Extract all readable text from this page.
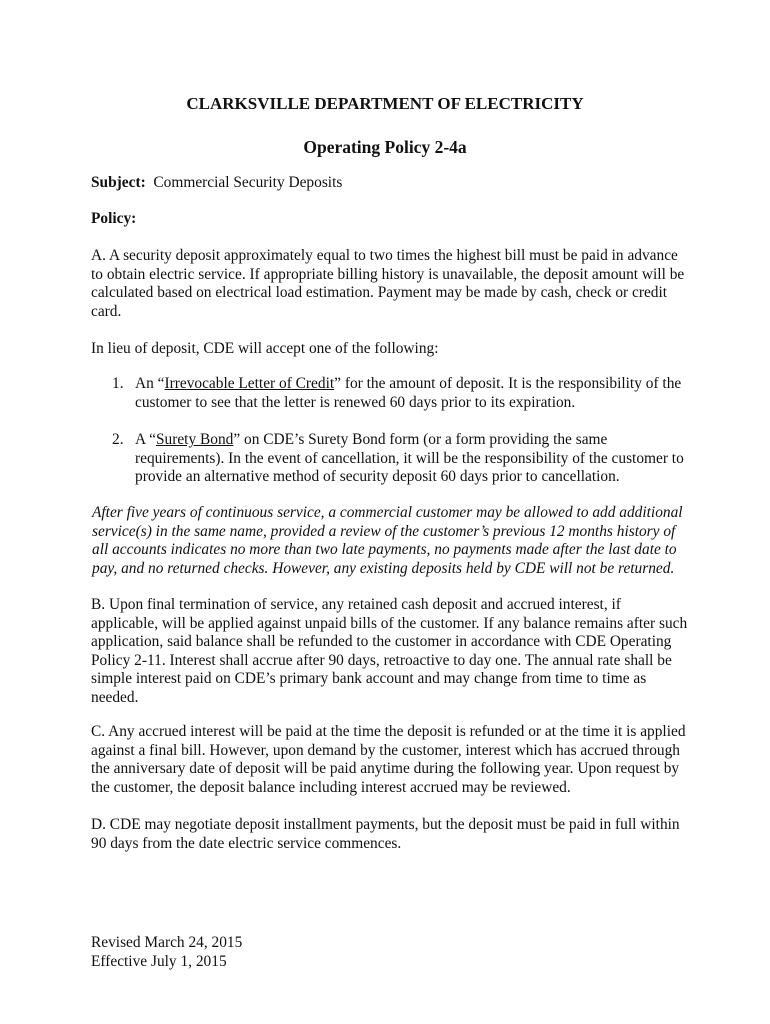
CLARKSVILLE DEPARTMENT OF ELECTRICITY
Operating Policy 2-4a

Subject: Commercial Security Deposits

Policy:

A. A security deposit approximately equal to two times the highest bill must be paid in advance to obtain electric service. If appropriate billing history is unavailable, the deposit amount will be calculated based on electrical load estimation. Payment may be made by cash, check or credit card.

In lieu of deposit, CDE will accept one of the following:

1. An “Irrevocable Letter of Credit” for the amount of deposit. It is the responsibility of the customer to see that the letter is renewed 60 days prior to its expiration.
2. A “Surety Bond” on CDE’s Surety Bond form (or a form providing the same requirements). In the event of cancellation, it will be the responsibility of the customer to provide an alternative method of security deposit 60 days prior to cancellation.

After five years of continuous service, a commercial customer may be allowed to add additional service(s) in the same name, provided a review of the customer’s previous 12 months history of all accounts indicates no more than two late payments, no payments made after the last date to pay, and no returned checks. However, any existing deposits held by CDE will not be returned.

B. Upon final termination of service, any retained cash deposit and accrued interest, if applicable, will be applied against unpaid bills of the customer. If any balance remains after such application, said balance shall be refunded to the customer in accordance with CDE Operating Policy 2-11. Interest shall accrue after 90 days, retroactive to day one. The annual rate shall be simple interest paid on CDE’s primary bank account and may change from time to time as needed.

C. Any accrued interest will be paid at the time the deposit is refunded or at the time it is applied against a final bill. However, upon demand by the customer, interest which has accrued through the anniversary date of deposit will be paid anytime during the following year. Upon request by the customer, the deposit balance including interest accrued may be reviewed.

D. CDE may negotiate deposit installment payments, but the deposit must be paid in full within 90 days from the date electric service commences.

Revised March 24, 2015
Effective July 1, 2015
